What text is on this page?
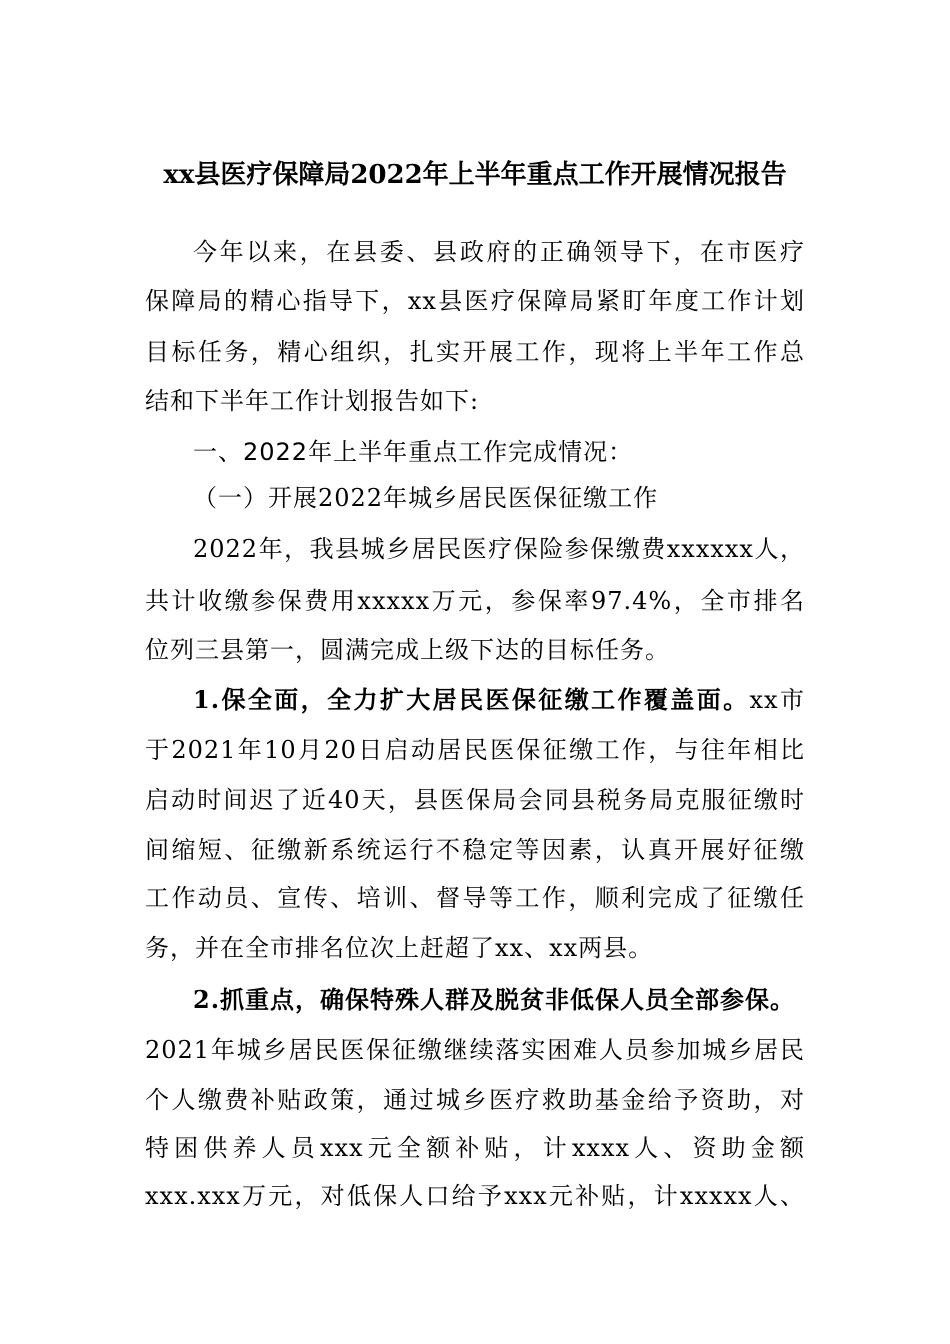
xx县医疗保障局2022年上半年重点工作开展情况报告
今年以来，在县委、县政府的正确领导下，在市医疗
保障局的精心指导下，xx县医疗保障局紧盯年度工作计划
目标任务，精心组织，扎实开展工作，现将上半年工作总
结和下半年工作计划报告如下:
一、2022年上半年重点工作完成情况：
（一）开展2022年城乡居民医保征缴工作
2022年，我县城乡居民医疗保险参保缴费xxxxxx人，
共计收缴参保费用xxxxx万元，参保率97.4%，全市排名
位列三县第一，圆满完成上级下达的目标任务。
1.保全面，全力扩大居民医保征缴工作覆盖面。xx市
于2021年10月20日启动居民医保征缴工作，与往年相比
启动时间迟了近40天，县医保局会同县税务局克服征缴时
间缩短、征缴新系统运行不稳定等因素，认真开展好征缴
工作动员、宣传、培训、督导等工作，顺利完成了征缴任
务，并在全市排名位次上赶超了xx、xx两县。
2.抓重点，确保特殊人群及脱贫非低保人员全部参保。
2021年城乡居民医保征缴继续落实困难人员参加城乡居民
个人缴费补贴政策，通过城乡医疗救助基金给予资助，对
特困供养人员xxx元全额补贴，计xxxx人、资助金额
xxx.xxx万元，对低保人口给予xxx元补贴，计xxxxx人、
